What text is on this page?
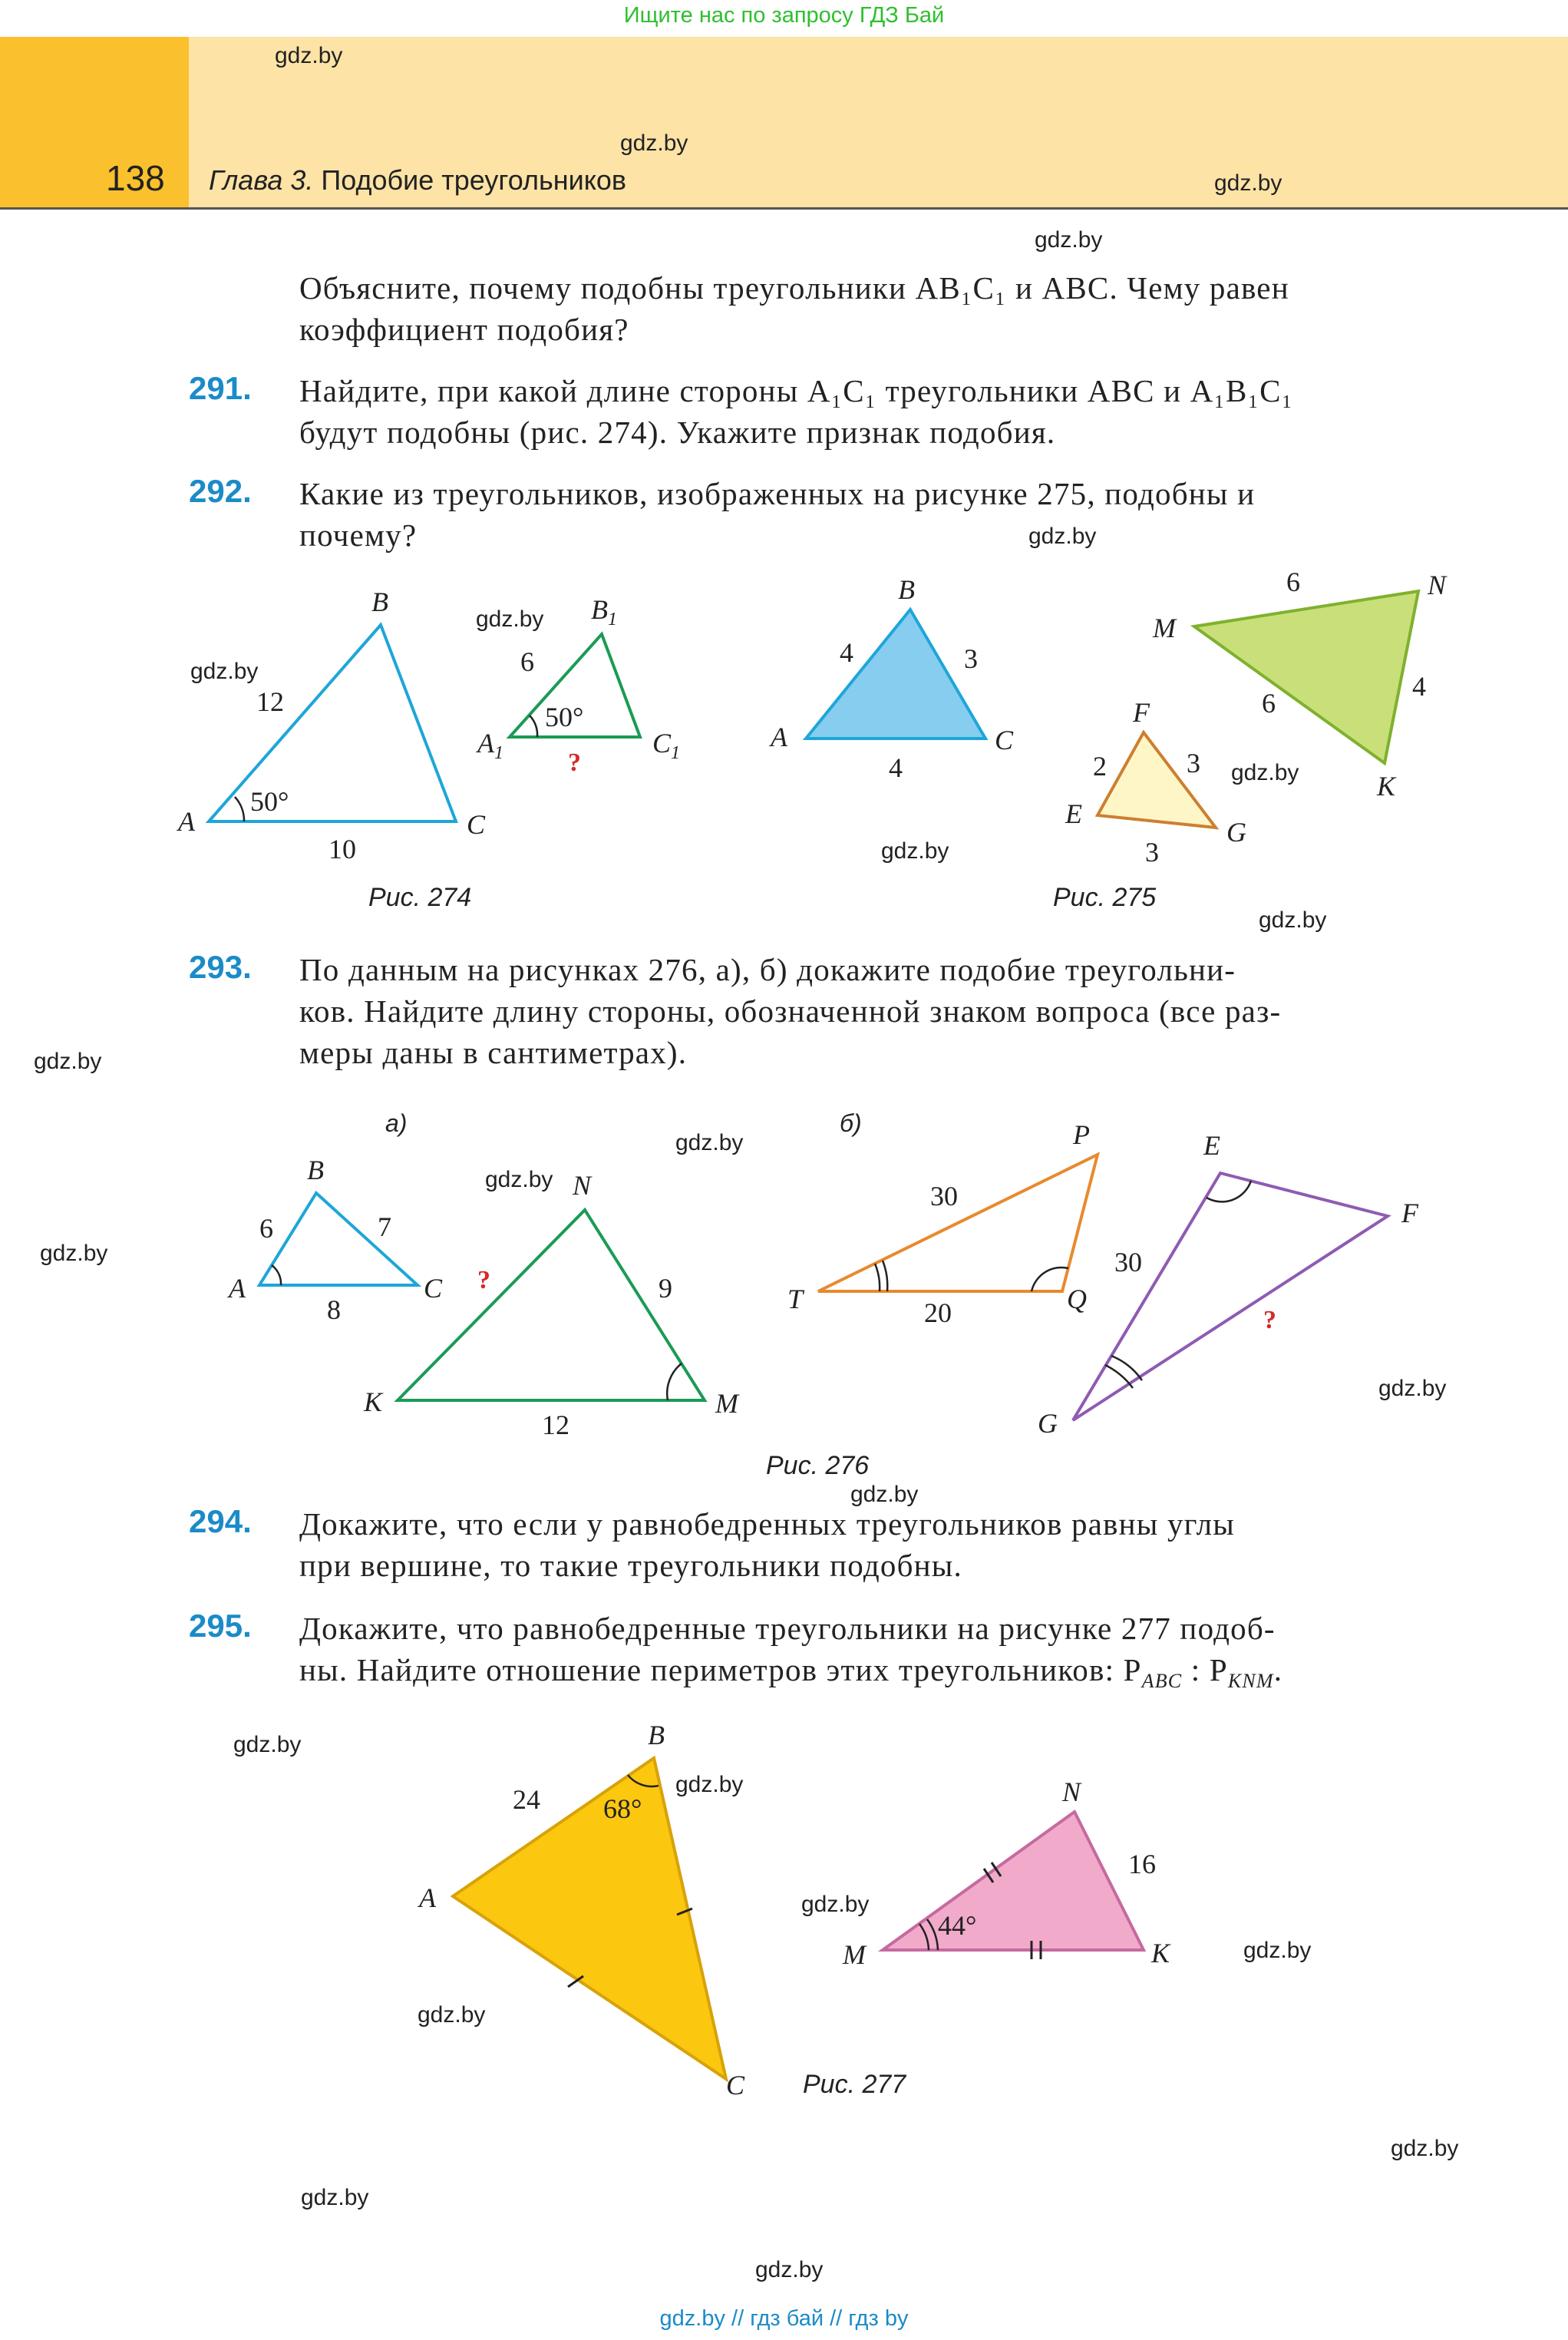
Ищите нас по запросу ГДЗ Бай
138 Глава 3. Подобие треугольников
gdz.by
gdz.by
gdz.by
gdz.by
gdz.by
gdz.by
gdz.by
gdz.by
gdz.by
gdz.by
gdz.by
gdz.by
gdz.by
gdz.by
gdz.by
gdz.by
gdz.by
gdz.by
gdz.by
gdz.by
gdz.by
gdz.by
gdz.by
gdz.by
Объясните, почему подобны треугольники AB₁C₁ и ABC. Чему равен
коэффициент подобия?
291. Найдите, при какой длине стороны A₁C₁ треугольники ABC и A₁B₁C₁
будут подобны (рис. 274). Укажите признак подобия.
292. Какие из треугольников, изображенных на рисунке 275, подобны и
почему?
A
B
C
12
10
50°
$A_1$
$B_1$
$C_1$
6
50°
?
Рис. 274
A
B
C
4	3
4
M
N
K
6
4
6
E
F
G
2	3
3
Рис. 275
293. По данным на рисунках 276, а), б) докажите подобие треугольни-
ков. Найдите длину стороны, обозначенной знаком вопроса (все раз-
меры даны в сантиметрах).
а)	б)
A
B
C
6	7
8
K
N
M
?	9
12
T
P
Q
30
20
E
F
G
30
?
Рис. 276
294. Докажите, что если у равнобедренных треугольников равны углы
при вершине, то такие треугольники подобны.
295. Докажите, что равнобедренные треугольники на рисунке 277 подоб-
ны. Найдите отношение периметров этих треугольников: $P_{ABC}$ : $P_{KNM}$.
A
B
C
24 68°
M
N
K
16
44°
Рис. 277
gdz.by // гдз бай // гдз by
